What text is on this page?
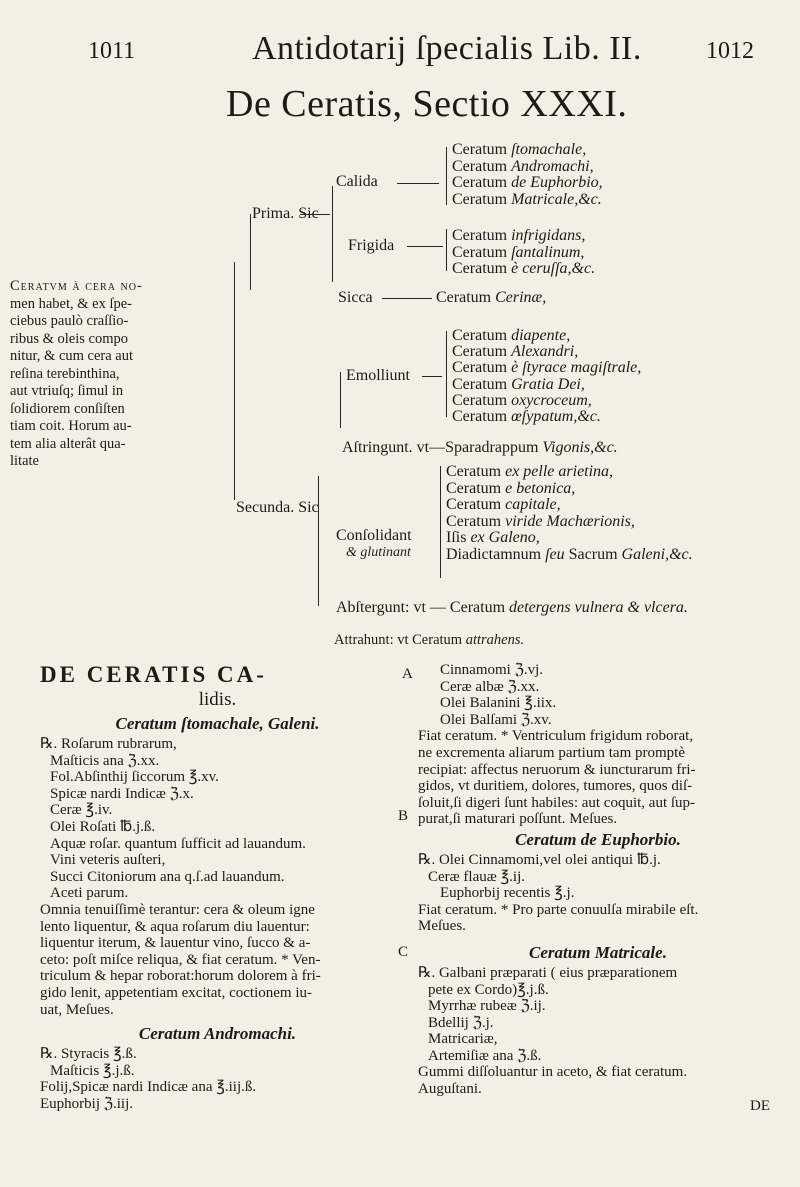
1011	Antidotarij ſpecialis Lib. II.	1012
De Ceratis, Sectio XXXI.
Ceratvm à cera no-
men habet, & ex ſpe-
ciebus paulò craſſio-
ribus & oleis compo
nitur, & cum cera aut
reſina terebinthina,
aut vtriuſq; ſimul in
ſolidiorem conſiſten
tiam coit. Horum au-
tem alia alterât qua-
litate
Prima. Sic
Calida
Ceratum ſtomachale,
Ceratum Andromachi,
Ceratum de Euphorbio,
Ceratum Matricale,&c.
Frigida
Ceratum infrigidans,
Ceratum ſantalinum,
Ceratum è ceruſſa,&c.
Sicca	Ceratum Cerinæ,
Emolliunt
Ceratum diapente,
Ceratum Alexandri,
Ceratum è ſtyrace magiſtrale,
Ceratum Gratia Dei,
Ceratum oxycroceum,
Ceratum œſypatum,&c.
Aſtringunt. vt—Sparadrappum Vigonis,&c.
Secunda. Sic
Conſolidant
& glutinant
Ceratum ex pelle arietina,
Ceratum e betonica,
Ceratum capitale,
Ceratum viride Machærionis,
Iſis ex Galeno,
Diadictamnum ſeu Sacrum Galeni,&c.
Abſtergunt: vt — Ceratum detergens vulnera & vlcera.
Attrahunt: vt Ceratum attrahens.
DE CERATIS CA-
lidis.
Ceratum ſtomachale, Galeni.
℞. Roſarum rubrarum,
Maſticis ana ℨ.xx.
Fol.Abſinthij ſiccorum ℥.xv.
Spicæ nardi Indicæ ℨ.x.
Ceræ ℥.iv.
Olei Roſati ℔.j.ß.
Aquæ roſar. quantum ſufficit ad lauandum.
Vini veteris auſteri,
Succi Citoniorum ana q.ſ.ad lauandum.
Aceti parum.
Omnia tenuiſſimè terantur: cera & oleum igne
lento liquentur, & aqua roſarum diu lauentur:
liquentur iterum, & lauentur vino, ſucco & a-
ceto: poſt miſce reliqua, & fiat ceratum. * Ven-
triculum & hepar roborat:horum dolorem à fri-
gido lenit, appetentiam excitat, coctionem iu-
uat, Meſues.
Ceratum Andromachi.
℞. Styracis ℥.ß.
Maſticis ℥.j.ß.
Folij,Spicæ nardi Indicæ ana ℥.iij.ß.
Euphorbij ℨ.iij.
A
B
C
Cinnamomi ℨ.vj.
Ceræ albæ ℨ.xx.
Olei Balanini ℥.iix.
Olei Balſami ℨ.xv.
Fiat ceratum. * Ventriculum frigidum roborat,
ne excrementa aliarum partium tam promptè
recipiat: affectus neruorum & iuncturarum fri-
gidos, vt duritiem, dolores, tumores, quos diſ-
ſoluit,ſi digeri ſunt habiles: aut coquit, aut ſup-
purat,ſi maturari poſſunt. Meſues.
Ceratum de Euphorbio.
℞. Olei Cinnamomi,vel olei antiqui ℔.j.
Ceræ flauæ ℥.ij.
Euphorbij recentis ℥.j.
Fiat ceratum. * Pro parte conuulſa mirabile eſt.
Meſues.
Ceratum Matricale.
℞. Galbani præparati ( eius præparationem
pete ex Cordo)℥.j.ß.
Myrrhæ rubeæ ℨ.ij.
Bdellij ℨ.j.
Matricariæ,
Artemiſiæ ana ℨ.ß.
Gummi diſſoluantur in aceto, & fiat ceratum.
Auguſtani.
DE
